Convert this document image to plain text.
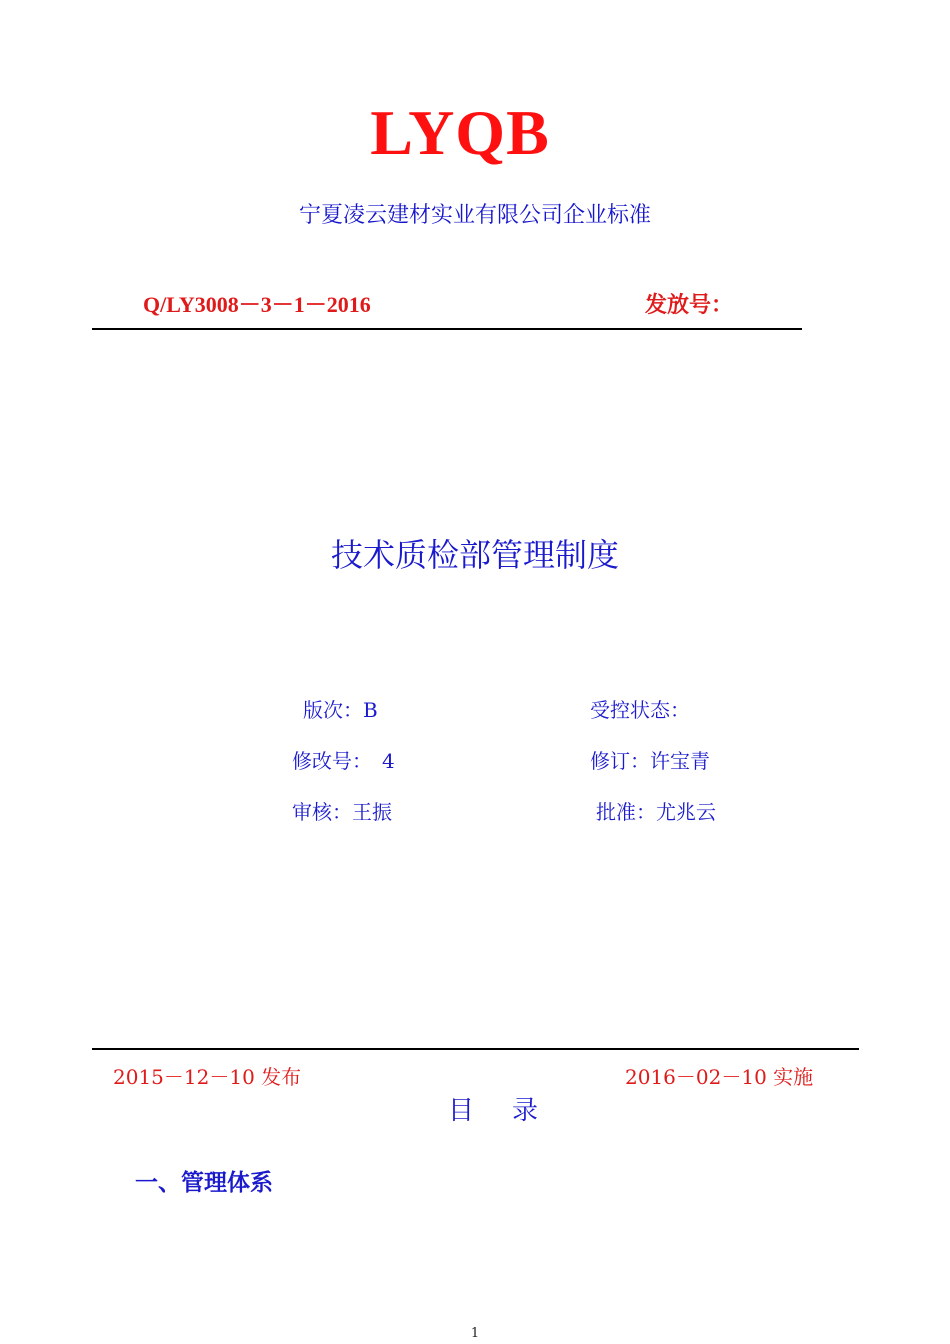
LYQB
宁夏凌云建材实业有限公司企业标准
Q/LY3008－3－1－2016	发放号：
技术质检部管理制度
版次：B	受控状态：
修改号：　4	修订：许宝青
审核：王振	批准：尤兆云
2015－12－10 发布	2016－02－10 实施
目录
一、管理体系
1
